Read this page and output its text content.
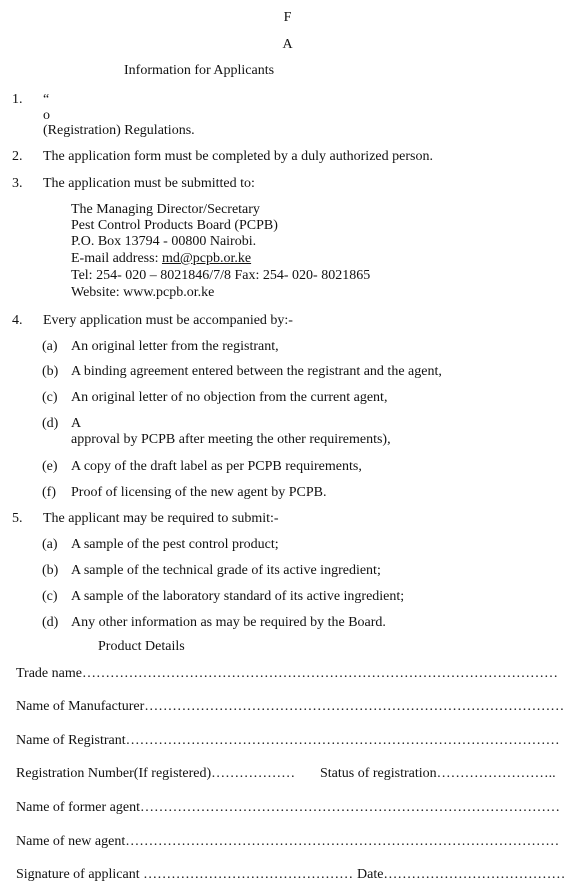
F
A
Information for Applicants
1. “
o
(Registration) Regulations.
2. The application form must be completed by a duly authorized person.
3. The application must be submitted to:
The Managing Director/Secretary
Pest Control Products Board (PCPB)
P.O. Box 13794 - 00800 Nairobi.
E-mail address: md@pcpb.or.ke
Tel: 254- 020 – 8021846/7/8 Fax: 254- 020- 8021865
Website: www.pcpb.or.ke
4. Every application must be accompanied by:-
(a) An original letter from the registrant,
(b) A binding agreement entered between the registrant and the agent,
(c) An original letter of no objection from the current agent,
(d) A
approval by PCPB after meeting the other requirements),
(e) A copy of the draft label as per PCPB requirements,
(f) Proof of licensing of the new agent by PCPB.
5. The applicant may be required to submit:-
(a) A sample of the pest control product;
(b) A sample of the technical grade of its active ingredient;
(c) A sample of the laboratory standard of its active ingredient;
(d) Any other information as may be required by the Board.
Product Details
Trade name…………………………………………………………………………………………
Name of Manufacturer………………………………………………………………………………
Name of Registrant…………………………………………………………………………………
Registration Number(If registered)……………… Status of registration……………………..
Name of former agent………………………………………………………………………………
Name of new agent…………………………………………………………………………………
Signature of applicant ……………………………………… Date…………………………………
